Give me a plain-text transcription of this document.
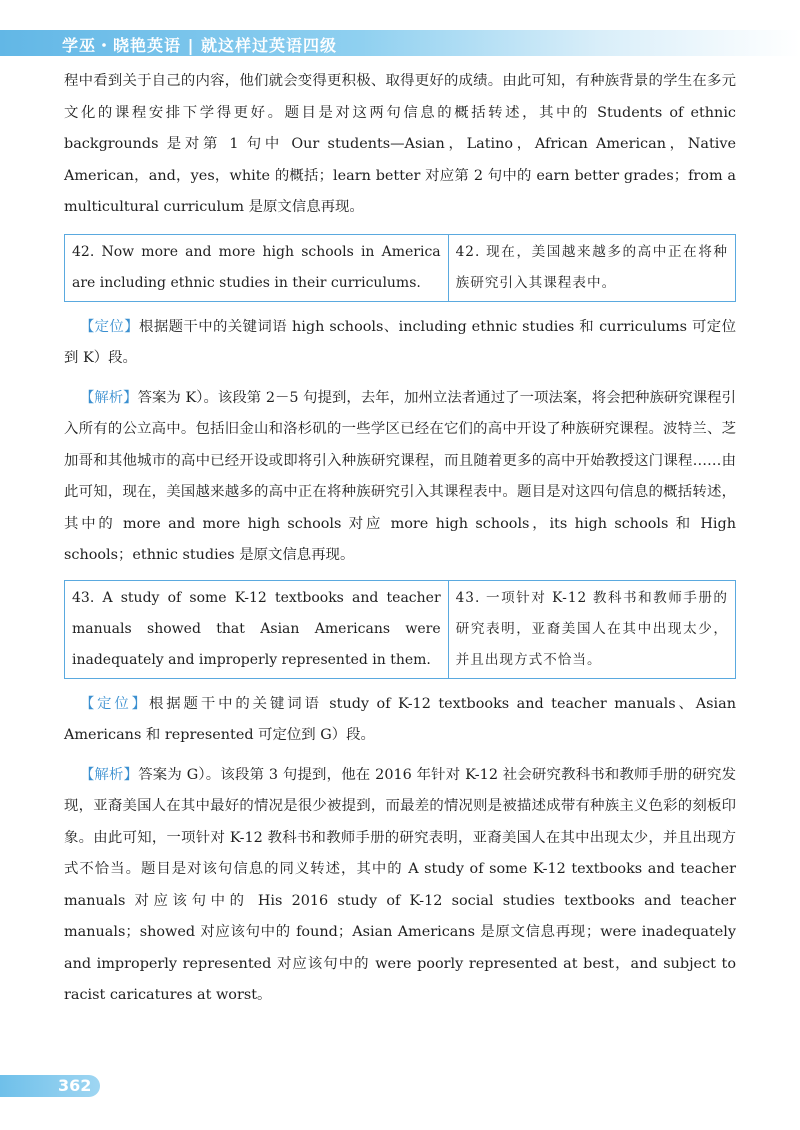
学巫・晓艳英语 | 就这样过英语四级

程中看到关于自己的内容，他们就会变得更积极、取得更好的成绩。由此可知，有种族背景的学生在多元文化的课程安排下学得更好。题目是对这两句信息的概括转述，其中的 Students of ethnic backgrounds 是对第 1 句中 Our students—Asian，Latino，African American，Native American，and，yes，white 的概括；learn better 对应第 2 句中的 earn better grades；from a multicultural curriculum 是原文信息再现。

42. Now more and more high schools in America are including ethnic studies in their curriculums.	42. 现在，美国越来越多的高中正在将种族研究引入其课程表中。

【定位】根据题干中的关键词语 high schools、including ethnic studies 和 curriculums 可定位到 K）段。

【解析】答案为 K）。该段第 2－5 句提到，去年，加州立法者通过了一项法案，将会把种族研究课程引入所有的公立高中。包括旧金山和洛杉矶的一些学区已经在它们的高中开设了种族研究课程。波特兰、芝加哥和其他城市的高中已经开设或即将引入种族研究课程，而且随着更多的高中开始教授这门课程……由此可知，现在，美国越来越多的高中正在将种族研究引入其课程表中。题目是对这四句信息的概括转述，其中的 more and more high schools 对应 more high schools，its high schools 和 High schools；ethnic studies 是原文信息再现。

43. A study of some K-12 textbooks and teacher manuals showed that Asian Americans were inadequately and improperly represented in them.	43. 一项针对 K-12 教科书和教师手册的研究表明，亚裔美国人在其中出现太少，并且出现方式不恰当。

【定位】根据题干中的关键词语 study of K-12 textbooks and teacher manuals、Asian Americans 和 represented 可定位到 G）段。

【解析】答案为 G）。该段第 3 句提到，他在 2016 年针对 K-12 社会研究教科书和教师手册的研究发现，亚裔美国人在其中最好的情况是很少被提到，而最差的情况则是被描述成带有种族主义色彩的刻板印象。由此可知，一项针对 K-12 教科书和教师手册的研究表明，亚裔美国人在其中出现太少，并且出现方式不恰当。题目是对该句信息的同义转述，其中的 A study of some K-12 textbooks and teacher manuals 对应该句中的 His 2016 study of K-12 social studies textbooks and teacher manuals；showed 对应该句中的 found；Asian Americans 是原文信息再现；were inadequately and improperly represented 对应该句中的 were poorly represented at best，and subject to racist caricatures at worst。

362
